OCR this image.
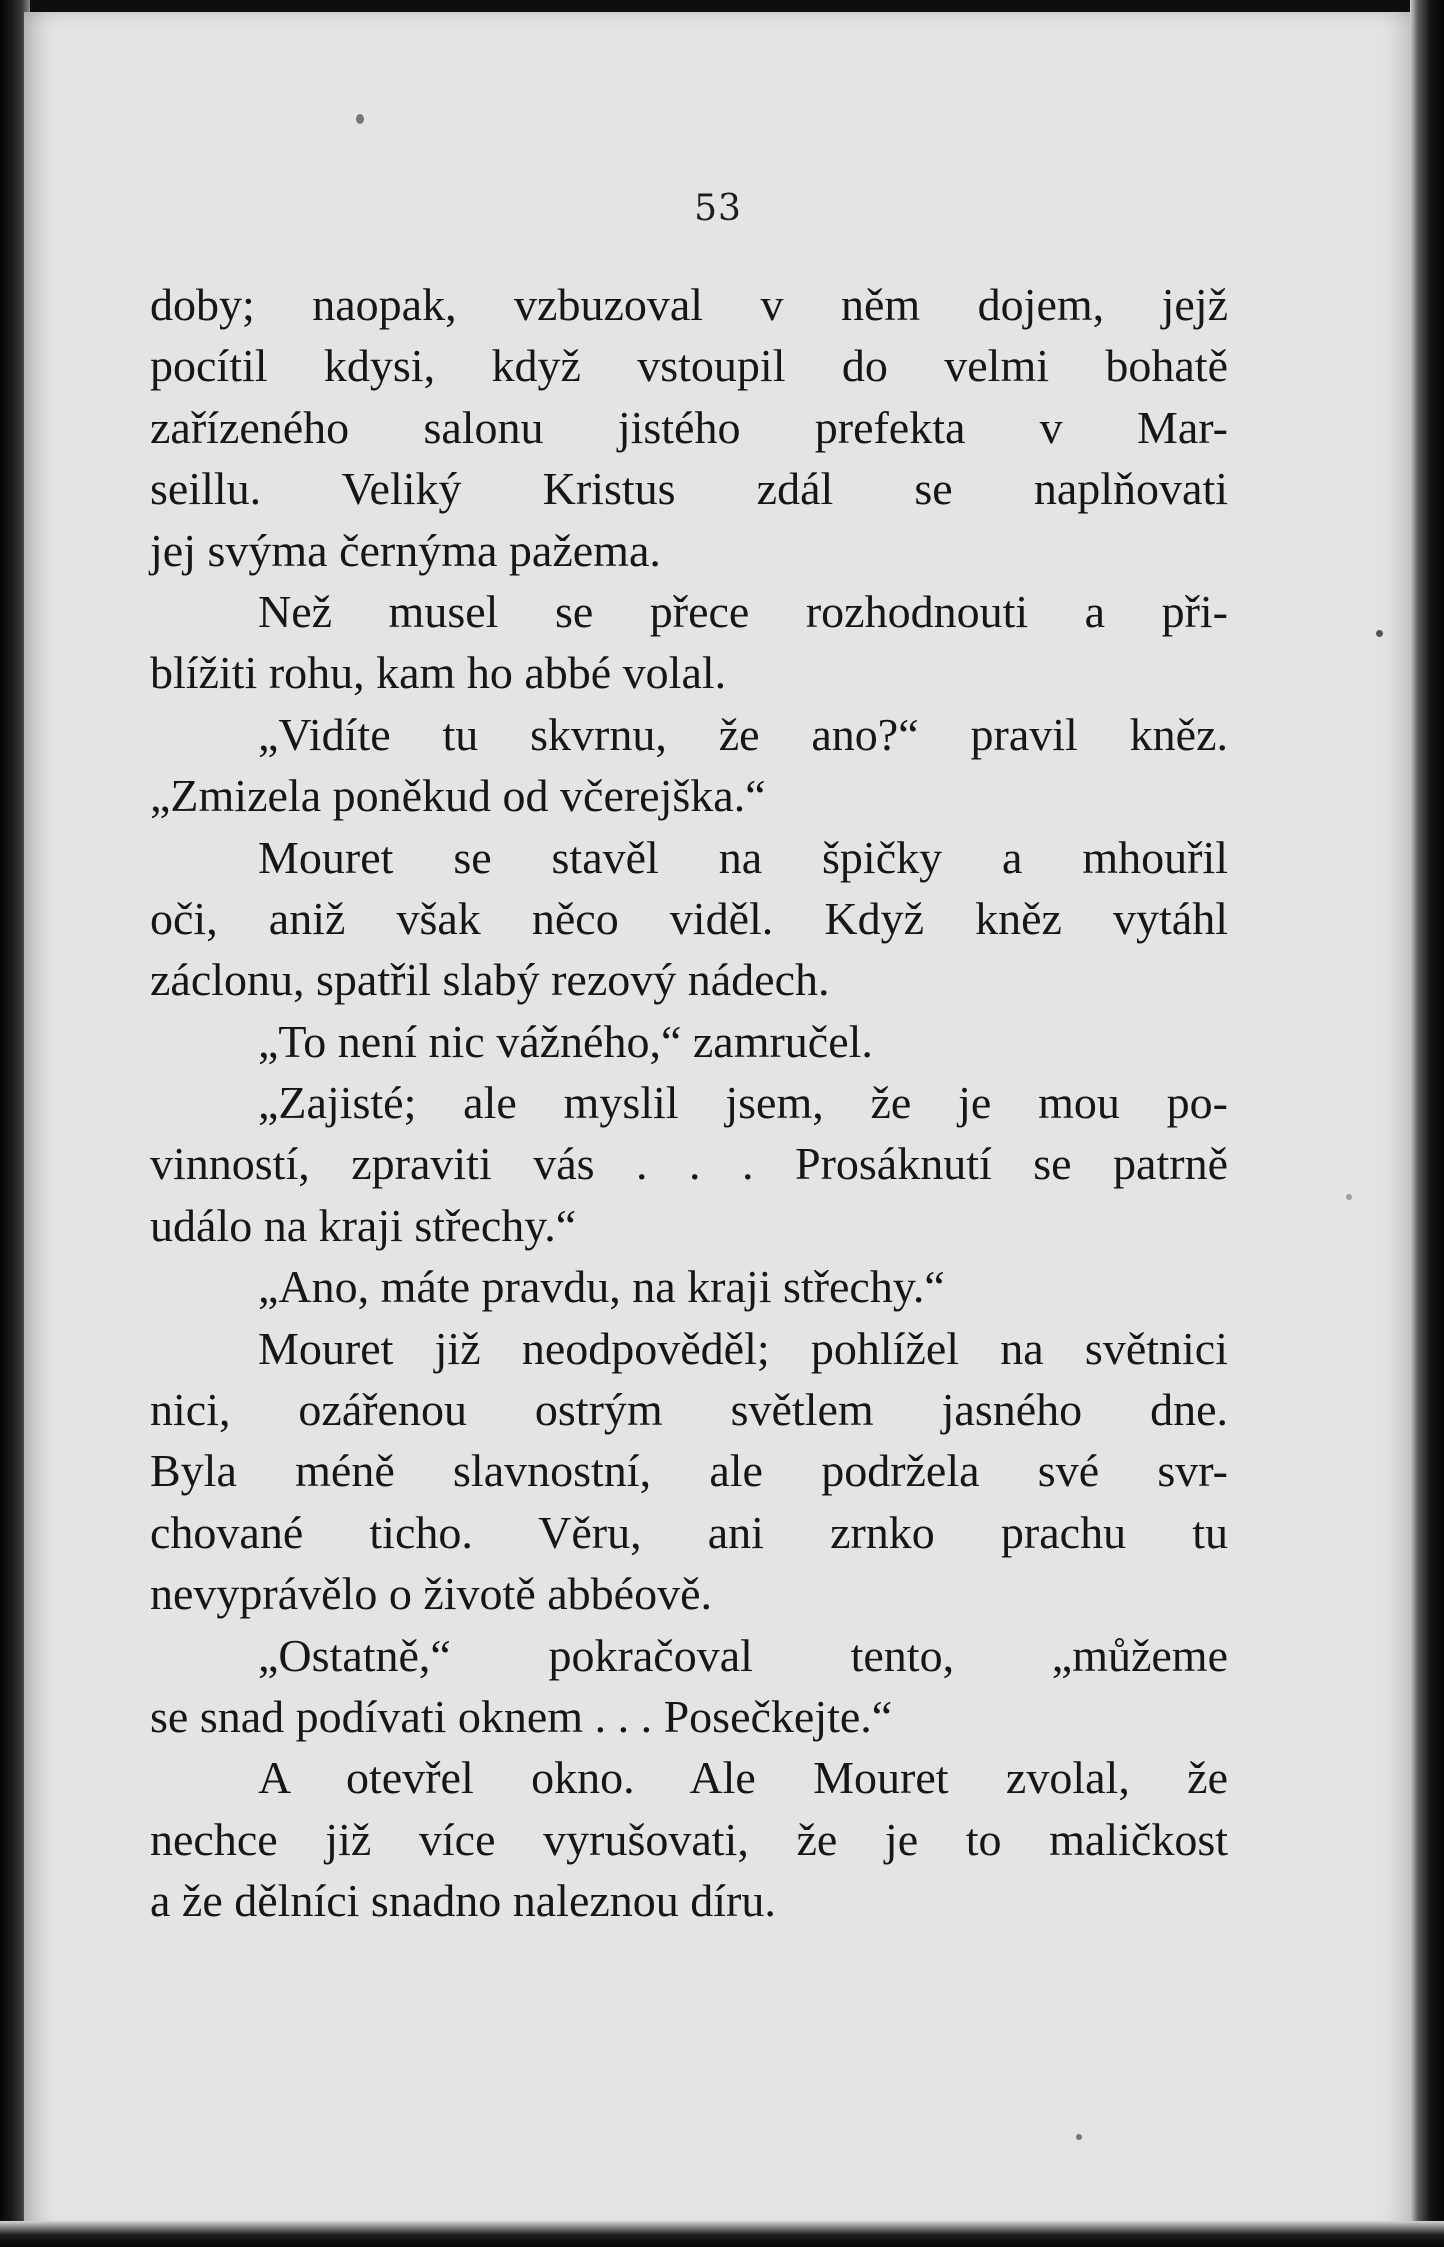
53
doby; naopak, vzbuzoval v něm dojem, jejž
pocítil kdysi, když vstoupil do velmi bohatě
zařízeného salonu jistého prefekta v Mar-
seillu. Veliký Kristus zdál se naplňovati
jej svýma černýma pažema.
Než musel se přece rozhodnouti a při-
blížiti rohu, kam ho abbé volal.
„Vidíte tu skvrnu, že ano?“ pravil kněz.
„Zmizela poněkud od včerejška.“
Mouret se stavěl na špičky a mhouřil
oči, aniž však něco viděl. Když kněz vytáhl
záclonu, spatřil slabý rezový nádech.
„To není nic vážného,“ zamručel.
„Zajisté; ale myslil jsem, že je mou po-
vinností, zpraviti vás . . . Prosáknutí se patrně
událo na kraji střechy.“
„Ano, máte pravdu, na kraji střechy.“
Mouret již neodpověděl; pohlížel na světnici
nici, ozářenou ostrým světlem jasného dne.
Byla méně slavnostní, ale podržela své svr-
chované ticho. Věru, ani zrnko prachu tu
nevyprávělo o životě abbéově.
„Ostatně,“ pokračoval tento, „můžeme
se snad podívati oknem . . . Posečkejte.“
A otevřel okno. Ale Mouret zvolal, že
nechce již více vyrušovati, že je to maličkost
a že dělníci snadno naleznou díru.
